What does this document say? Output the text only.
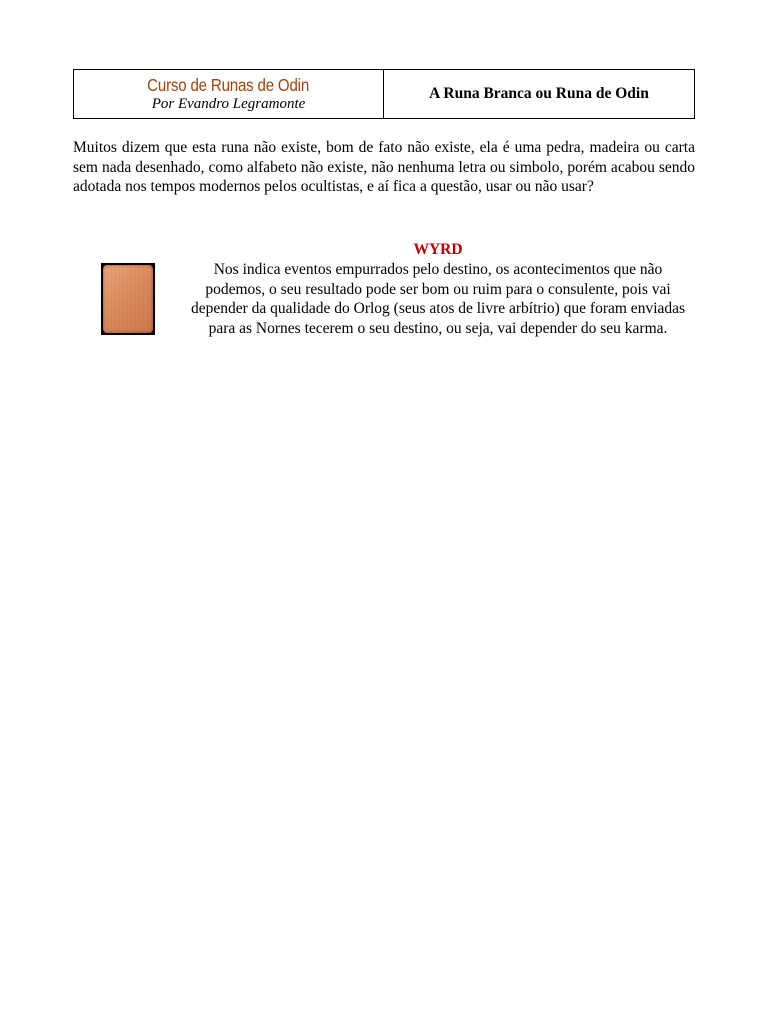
Curso de Runas de Odin
Por Evandro Legramonte
A Runa Branca ou Runa de Odin

Muitos dizem que esta runa não existe, bom de fato não existe, ela é uma pedra, madeira ou carta sem nada desenhado, como alfabeto não existe, não nenhuma letra ou simbolo, porém acabou sendo adotada nos tempos modernos pelos ocultistas, e aí fica a questão, usar ou não usar?

WYRD

Nos indica eventos empurrados pelo destino, os acontecimentos que não podemos, o seu resultado pode ser bom ou ruim para o consulente, pois vai depender da qualidade do Orlog (seus atos de livre arbítrio) que foram enviadas para as Nornes tecerem o seu destino, ou seja, vai depender do seu karma.
